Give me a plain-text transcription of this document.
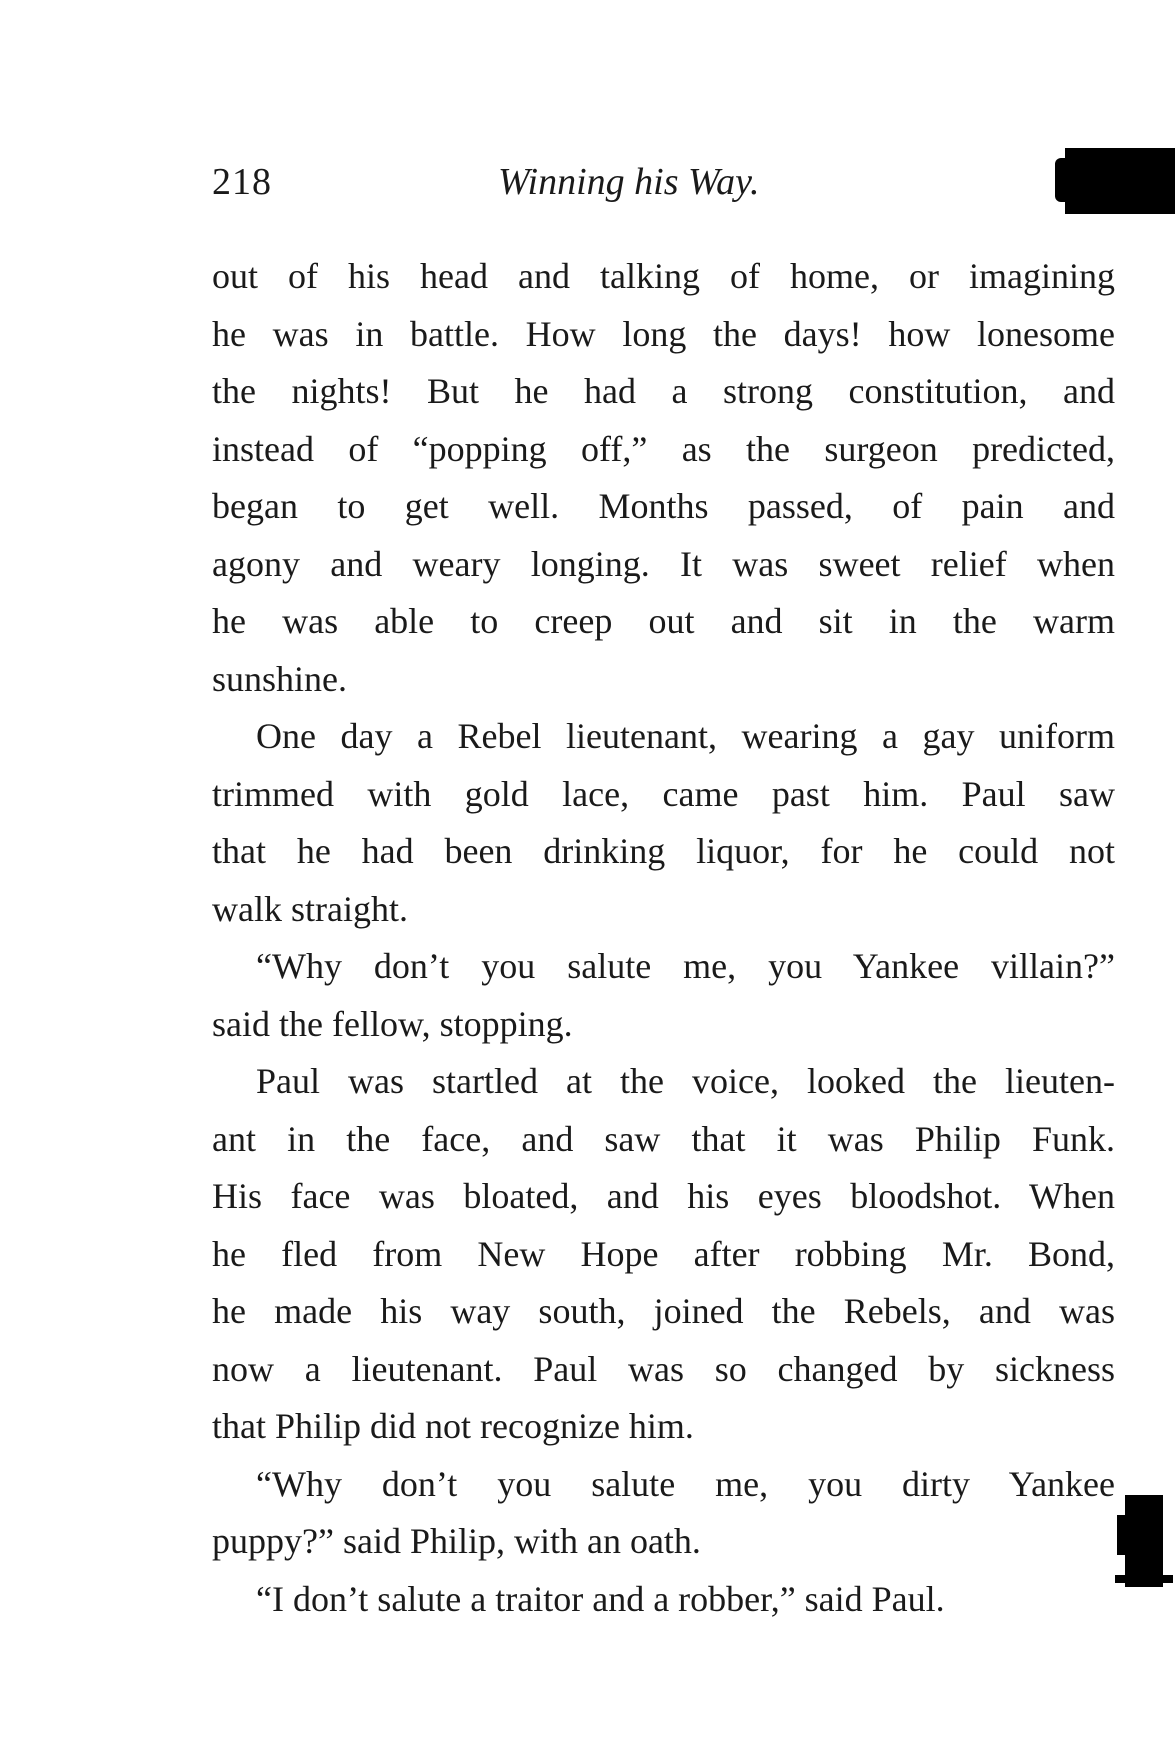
218	Winning his Way.
out of his head and talking of home, or imagining
he was in battle. How long the days! how lonesome
the nights! But he had a strong constitution, and
instead of “popping off,” as the surgeon predicted,
began to get well. Months passed, of pain and
agony and weary longing. It was sweet relief when
he was able to creep out and sit in the warm
sunshine.
One day a Rebel lieutenant, wearing a gay uniform
trimmed with gold lace, came past him. Paul saw
that he had been drinking liquor, for he could not
walk straight.
“Why don’t you salute me, you Yankee villain?”
said the fellow, stopping.
Paul was startled at the voice, looked the lieuten-
ant in the face, and saw that it was Philip Funk.
His face was bloated, and his eyes bloodshot. When
he fled from New Hope after robbing Mr. Bond,
he made his way south, joined the Rebels, and was
now a lieutenant. Paul was so changed by sickness
that Philip did not recognize him.
“Why don’t you salute me, you dirty Yankee
puppy?” said Philip, with an oath.
“I don’t salute a traitor and a robber,” said Paul.
